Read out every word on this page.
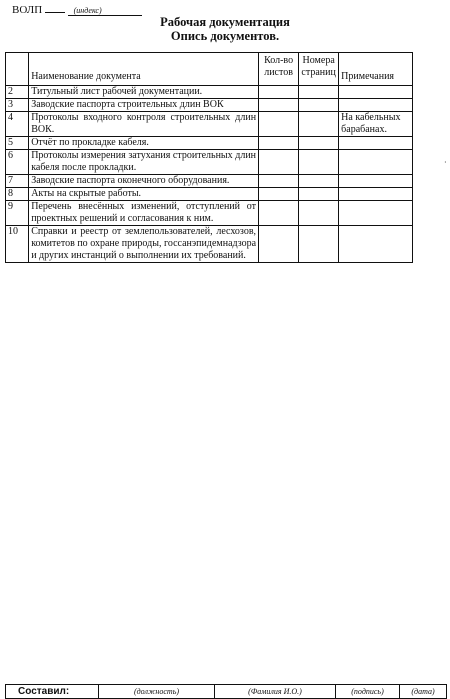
ВОЛП	(индекс)
Рабочая документация
Опись документов.
	Наименование документа	Кол-во листов	Номера страниц	Примечания
2	Титульный лист рабочей документации.			
3	Заводские паспорта строительных длин ВОК			
4	Протоколы входного контроля строительных длин ВОК.			На кабельных барабанах.
5	Отчёт по прокладке кабеля.			
6	Протоколы измерения затухания строительных длин кабеля после прокладки.			
7	Заводские паспорта оконечного оборудования.			
8	Акты на скрытые работы.			
9	Перечень внесённых изменений, отступлений от проектных решений и согласования к ним.			
10	Справки и реестр от землепользователей, лесхозов, комитетов по охране природы, госсанэпидемнадзора и других инстанций о выполнении их требований.			
·
Составил:	(должность)	(Фамилия И.О.)	(подпись)	(дата)
